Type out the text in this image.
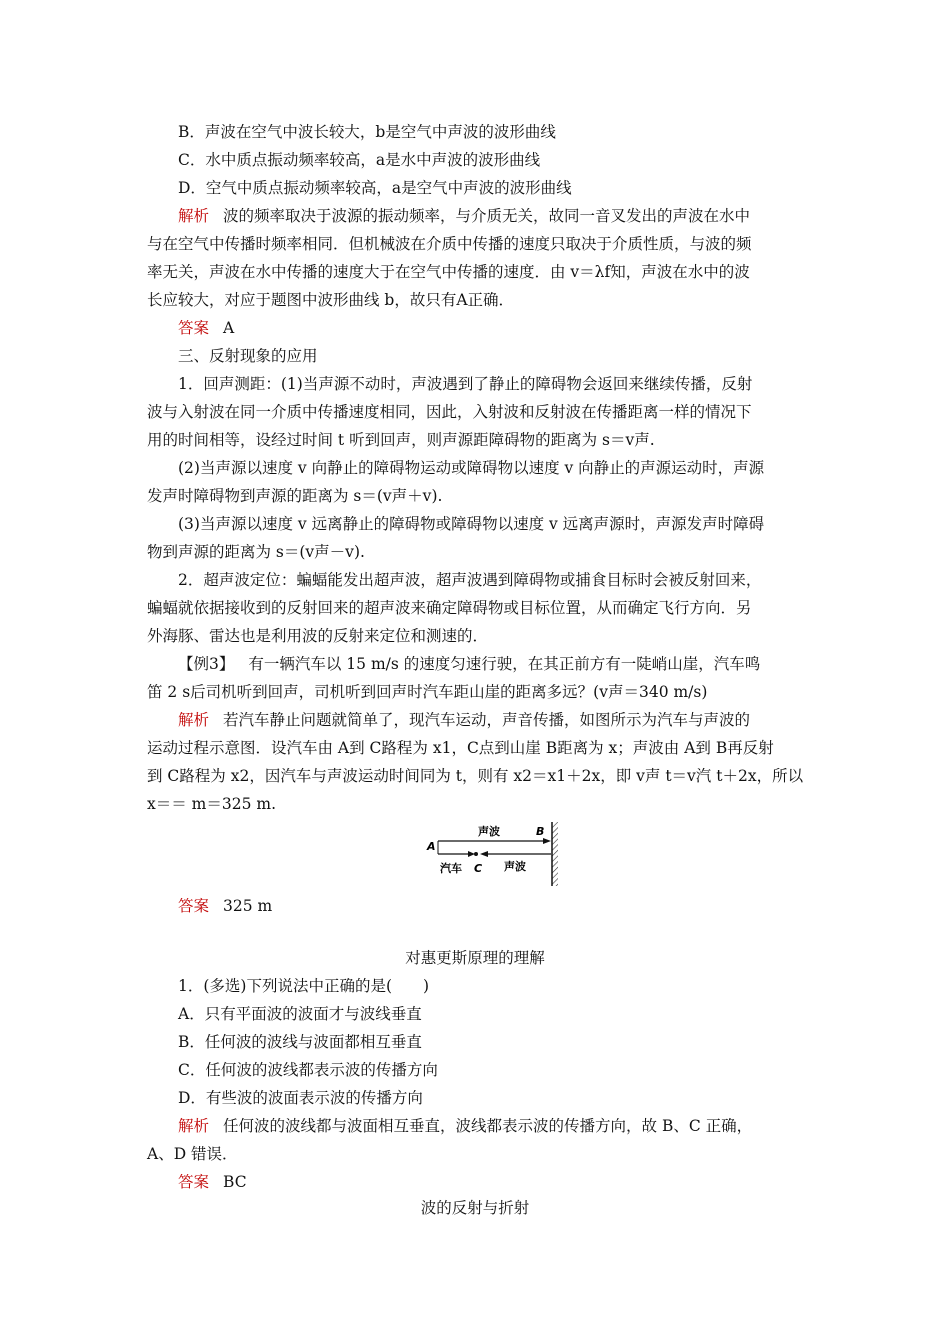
B．声波在空气中波长较大，b是空气中声波的波形曲线
C．水中质点振动频率较高，a是水中声波的波形曲线
D．空气中质点振动频率较高，a是空气中声波的波形曲线
解析 波的频率取决于波源的振动频率，与介质无关，故同一音叉发出的声波在水中
与在空气中传播时频率相同．但机械波在介质中传播的速度只取决于介质性质，与波的频
率无关，声波在水中传播的速度大于在空气中传播的速度．由 v＝λf知，声波在水中的波
长应较大，对应于题图中波形曲线 b，故只有A正确．
答案 A
三、反射现象的应用
1．回声测距：(1)当声源不动时，声波遇到了静止的障碍物会返回来继续传播，反射
波与入射波在同一介质中传播速度相同，因此，入射波和反射波在传播距离一样的情况下
用的时间相等，设经过时间 t 听到回声，则声源距障碍物的距离为 s＝v声.
(2)当声源以速度 v 向静止的障碍物运动或障碍物以速度 v 向静止的声源运动时，声源
发声时障碍物到声源的距离为 s＝(v声＋v).
(3)当声源以速度 v 远离静止的障碍物或障碍物以速度 v 远离声源时，声源发声时障碍
物到声源的距离为 s＝(v声－v).
2．超声波定位：蝙蝠能发出超声波，超声波遇到障碍物或捕食目标时会被反射回来，
蝙蝠就依据接收到的反射回来的超声波来确定障碍物或目标位置，从而确定飞行方向．另
外海豚、雷达也是利用波的反射来定位和测速的．
【例3】 有一辆汽车以 15 m/s 的速度匀速行驶，在其正前方有一陡峭山崖，汽车鸣
笛 2 s后司机听到回声，司机听到回声时汽车距山崖的距离多远？(v声＝340 m/s)
解析 若汽车静止问题就简单了，现汽车运动，声音传播，如图所示为汽车与声波的
运动过程示意图．设汽车由 A到 C路程为 x1，C点到山崖 B距离为 x；声波由 A到 B再反射
到 C路程为 x2，因汽车与声波运动时间同为 t，则有 x2＝x1＋2x，即 v声 t＝v汽 t＋2x，所以
x＝＝ m＝325 m.
声波	B
A
汽车 C 声波
答案 325 m
对惠更斯原理的理解
1．(多选)下列说法中正确的是(　　)
A．只有平面波的波面才与波线垂直
B．任何波的波线与波面都相互垂直
C．任何波的波线都表示波的传播方向
D．有些波的波面表示波的传播方向
解析 任何波的波线都与波面相互垂直，波线都表示波的传播方向，故 B、C 正确，
A、D 错误．
答案 BC
波的反射与折射
